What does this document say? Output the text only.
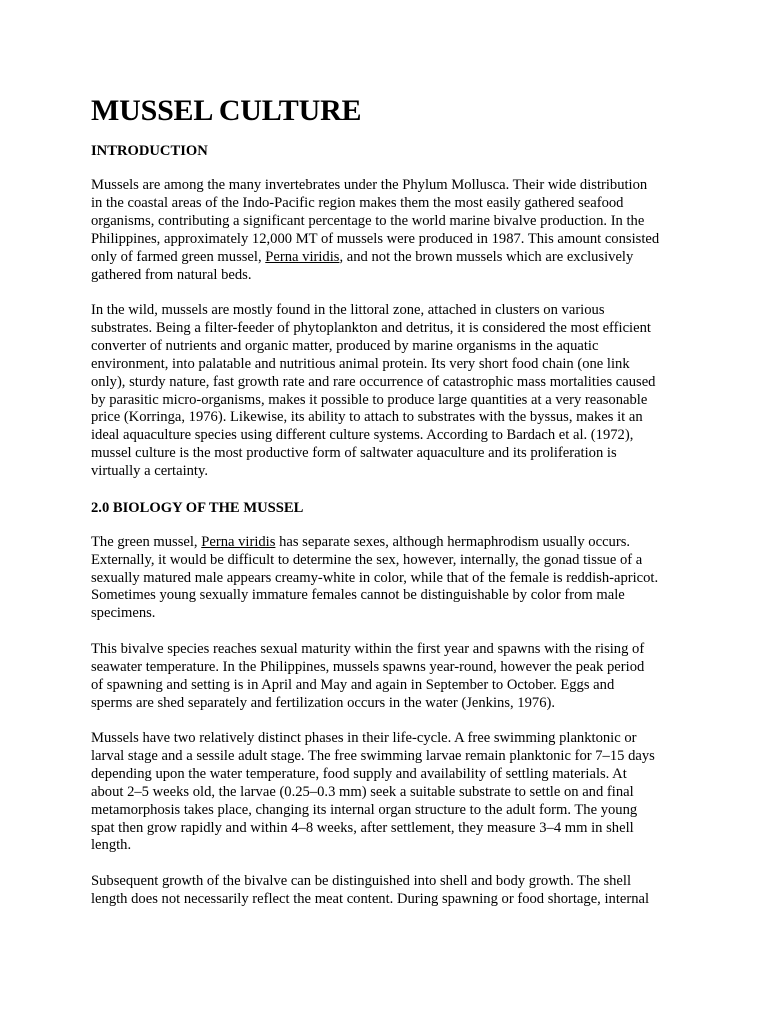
MUSSEL CULTURE
INTRODUCTION
Mussels are among the many invertebrates under the Phylum Mollusca. Their wide distribution
in the coastal areas of the Indo-Pacific region makes them the most easily gathered seafood
organisms, contributing a significant percentage to the world marine bivalve production. In the
Philippines, approximately 12,000 MT of mussels were produced in 1987. This amount consisted
only of farmed green mussel, Perna viridis, and not the brown mussels which are exclusively
gathered from natural beds.
In the wild, mussels are mostly found in the littoral zone, attached in clusters on various
substrates. Being a filter-feeder of phytoplankton and detritus, it is considered the most efficient
converter of nutrients and organic matter, produced by marine organisms in the aquatic
environment, into palatable and nutritious animal protein. Its very short food chain (one link
only), sturdy nature, fast growth rate and rare occurrence of catastrophic mass mortalities caused
by parasitic micro-organisms, makes it possible to produce large quantities at a very reasonable
price (Korringa, 1976). Likewise, its ability to attach to substrates with the byssus, makes it an
ideal aquaculture species using different culture systems. According to Bardach et al. (1972),
mussel culture is the most productive form of saltwater aquaculture and its proliferation is
virtually a certainty.
2.0 BIOLOGY OF THE MUSSEL
The green mussel, Perna viridis has separate sexes, although hermaphrodism usually occurs.
Externally, it would be difficult to determine the sex, however, internally, the gonad tissue of a
sexually matured male appears creamy-white in color, while that of the female is reddish-apricot.
Sometimes young sexually immature females cannot be distinguishable by color from male
specimens.
This bivalve species reaches sexual maturity within the first year and spawns with the rising of
seawater temperature. In the Philippines, mussels spawns year-round, however the peak period
of spawning and setting is in April and May and again in September to October. Eggs and
sperms are shed separately and fertilization occurs in the water (Jenkins, 1976).
Mussels have two relatively distinct phases in their life-cycle. A free swimming planktonic or
larval stage and a sessile adult stage. The free swimming larvae remain planktonic for 7–15 days
depending upon the water temperature, food supply and availability of settling materials. At
about 2–5 weeks old, the larvae (0.25–0.3 mm) seek a suitable substrate to settle on and final
metamorphosis takes place, changing its internal organ structure to the adult form. The young
spat then grow rapidly and within 4–8 weeks, after settlement, they measure 3–4 mm in shell
length.
Subsequent growth of the bivalve can be distinguished into shell and body growth. The shell
length does not necessarily reflect the meat content. During spawning or food shortage, internal
